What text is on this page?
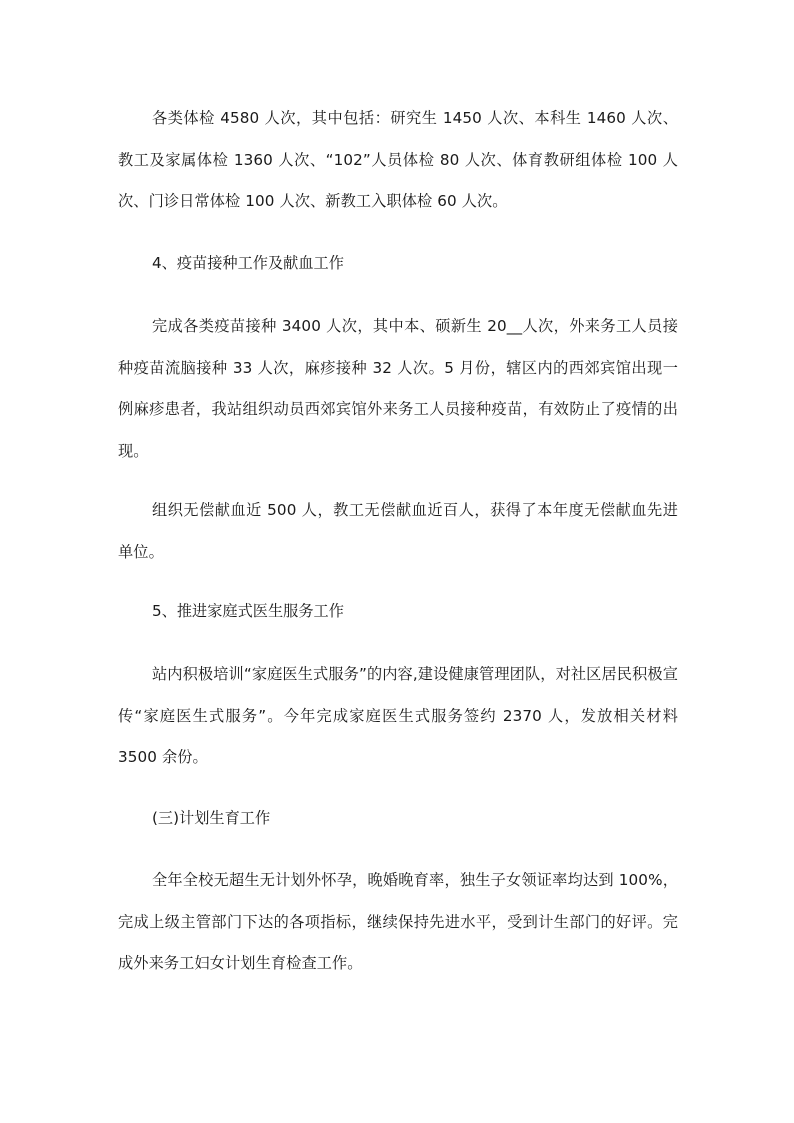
各类体检 4580 人次，其中包括：研究生 1450 人次、本科生 1460 人次、教工及家属体检 1360 人次、“102”人员体检 80 人次、体育教研组体检 100 人次、门诊日常体检 100 人次、新教工入职体检 60 人次。

4、疫苗接种工作及献血工作

完成各类疫苗接种 3400 人次，其中本、硕新生 20__人次，外来务工人员接种疫苗流脑接种 33 人次，麻疹接种 32 人次。5 月份，辖区内的西郊宾馆出现一例麻疹患者，我站组织动员西郊宾馆外来务工人员接种疫苗，有效防止了疫情的出现。

组织无偿献血近 500 人，教工无偿献血近百人，获得了本年度无偿献血先进单位。

5、推进家庭式医生服务工作

站内积极培训“家庭医生式服务”的内容,建设健康管理团队，对社区居民积极宣传“家庭医生式服务”。今年完成家庭医生式服务签约 2370 人，发放相关材料 3500 余份。

(三)计划生育工作

全年全校无超生无计划外怀孕，晚婚晚育率，独生子女领证率均达到 100%，完成上级主管部门下达的各项指标，继续保持先进水平，受到计生部门的好评。完成外来务工妇女计划生育检查工作。
